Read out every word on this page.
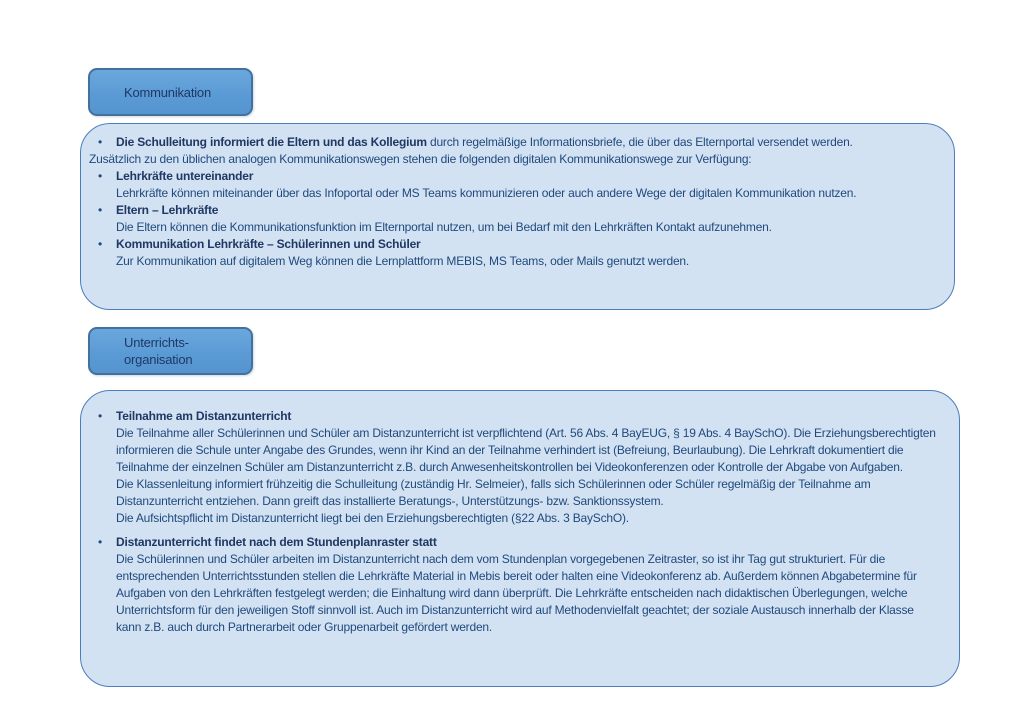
Kommunikation
•	Die Schulleitung informiert die Eltern und das Kollegium durch regelmäßige Informationsbriefe, die über das Elternportal versendet werden.
Zusätzlich zu den üblichen analogen Kommunikationswegen stehen die folgenden digitalen Kommunikationswege zur Verfügung:
•	Lehrkräfte untereinander
Lehrkräfte können miteinander über das Infoportal oder MS Teams kommunizieren oder auch andere Wege der digitalen Kommunikation nutzen.
•	Eltern – Lehrkräfte
Die Eltern können die Kommunikationsfunktion im Elternportal nutzen, um bei Bedarf mit den Lehrkräften Kontakt aufzunehmen.
•	Kommunikation Lehrkräfte – Schülerinnen und Schüler
Zur Kommunikation auf digitalem Weg können die Lernplattform MEBIS, MS Teams, oder Mails genutzt werden.
Unterrichts-
organisation
•	Teilnahme am Distanzunterricht
Die Teilnahme aller Schülerinnen und Schüler am Distanzunterricht ist verpflichtend (Art. 56 Abs. 4 BayEUG, § 19 Abs. 4 BaySchO). Die Erziehungsberechtigten informieren die Schule unter Angabe des Grundes, wenn ihr Kind an der Teilnahme verhindert ist (Befreiung, Beurlaubung). Die Lehrkraft dokumentiert die Teilnahme der einzelnen Schüler am Distanzunterricht z.B. durch Anwesenheitskontrollen bei Videokonferenzen oder Kontrolle der Abgabe von Aufgaben.
Die Klassenleitung informiert frühzeitig die Schulleitung (zuständig Hr. Selmeier), falls sich Schülerinnen oder Schüler regelmäßig der Teilnahme am Distanzunterricht entziehen. Dann greift das installierte Beratungs-, Unterstützungs- bzw. Sanktionssystem.
Die Aufsichtspflicht im Distanzunterricht liegt bei den Erziehungsberechtigten (§22 Abs. 3 BaySchO).
•	Distanzunterricht findet nach dem Stundenplanraster statt
Die Schülerinnen und Schüler arbeiten im Distanzunterricht nach dem vom Stundenplan vorgegebenen Zeitraster, so ist ihr Tag gut strukturiert. Für die entsprechenden Unterrichtsstunden stellen die Lehrkräfte Material in Mebis bereit oder halten eine Videokonferenz ab. Außerdem können Abgabetermine für Aufgaben von den Lehrkräften festgelegt werden; die Einhaltung wird dann überprüft. Die Lehrkräfte entscheiden nach didaktischen Überlegungen, welche Unterrichtsform für den jeweiligen Stoff sinnvoll ist. Auch im Distanzunterricht wird auf Methodenvielfalt geachtet; der soziale Austausch innerhalb der Klasse kann z.B. auch durch Partnerarbeit oder Gruppenarbeit gefördert werden.
